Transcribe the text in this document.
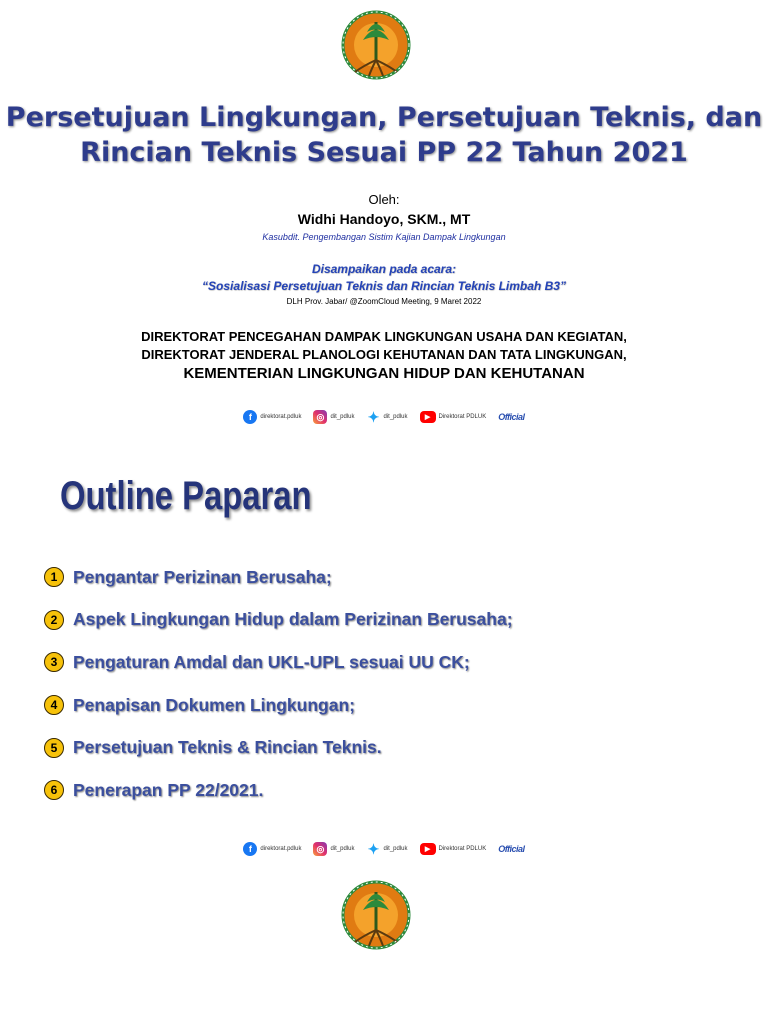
Persetujuan Lingkungan, Persetujuan Teknis, dan
Rincian Teknis Sesuai PP 22 Tahun 2021
Oleh:
Widhi Handoyo, SKM., MT
Kasubdit. Pengembangan Sistim Kajian Dampak Lingkungan
Disampaikan pada acara:
“Sosialisasi Persetujuan Teknis dan Rincian Teknis Limbah B3”
DLH Prov. Jabar/ @ZoomCloud Meeting, 9 Maret 2022
DIREKTORAT PENCEGAHAN DAMPAK LINGKUNGAN USAHA DAN KEGIATAN,
DIREKTORAT JENDERAL PLANOLOGI KEHUTANAN DAN TATA LINGKUNGAN,
KEMENTERIAN LINGKUNGAN HIDUP DAN KEHUTANAN
f	direktorat.pdluk	◎	dit_pdluk ✦ dit_pdluk	▶	Direktorat PDLUK Official
Outline Paparan
1 Pengantar Perizinan Berusaha;
2 Aspek Lingkungan Hidup dalam Perizinan Berusaha;
3 Pengaturan Amdal dan UKL-UPL sesuai UU CK;
4 Penapisan Dokumen Lingkungan;
5 Persetujuan Teknis & Rincian Teknis.
6 Penerapan PP 22/2021.
f	direktorat.pdluk	◎	dit_pdluk ✦ dit_pdluk	▶	Direktorat PDLUK Official
